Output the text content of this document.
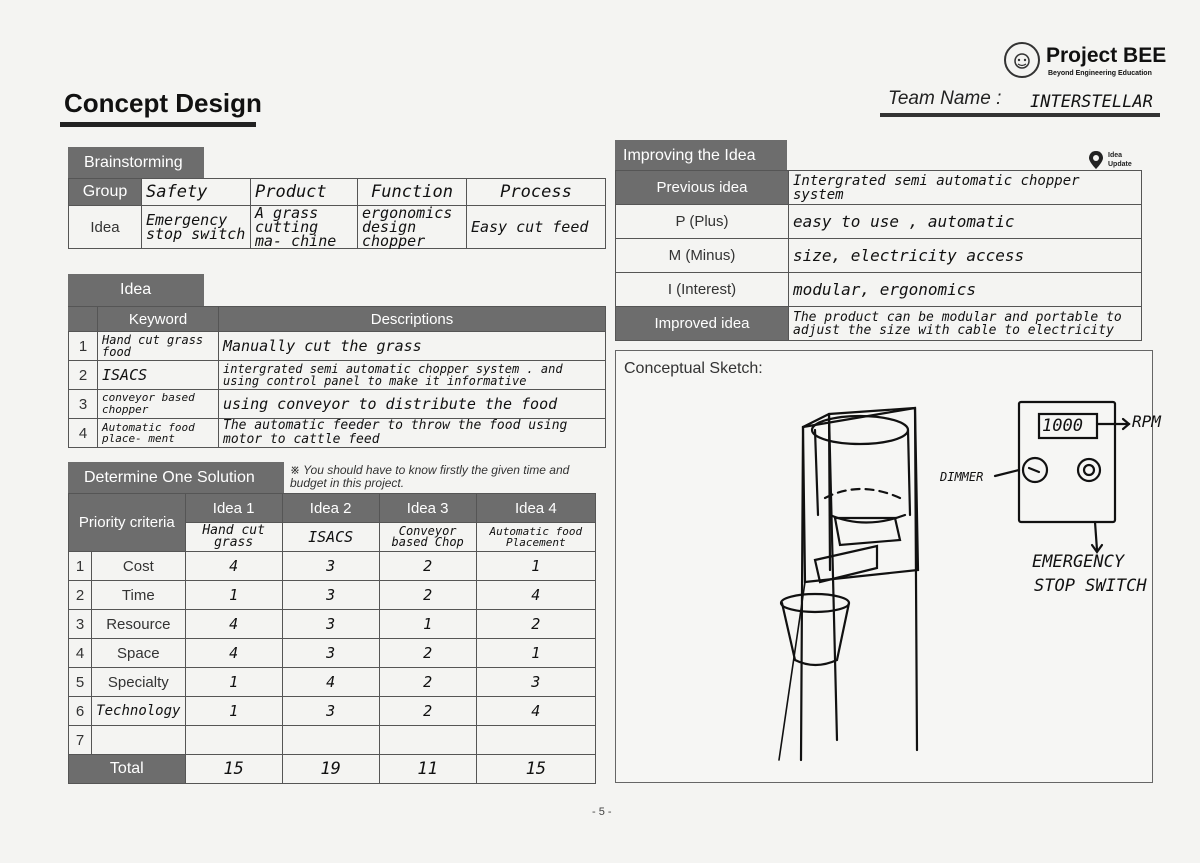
Concept Design
Project BEE
Beyond Engineering Education
Team Name : INTERSTELLAR
Brainstorming
Group	Safety	Product	Function	Process
Idea	Emergency stop switch	A grass cutting ma- chine	ergonomics design chopper	Easy cut feed
Idea
	Keyword	Descriptions
1	Hand cut grass food	Manually cut the grass
2	ISACS	intergrated semi automatic chopper system . and using control panel to make it informative
3	conveyor based chopper	using conveyor to distribute the food
4	Automatic food place- ment	The automatic feeder to throw the food using motor to cattle feed
Determine One Solution	※ You should have to know firstly the given time and budget in this project.
Priority criteria		Idea 1	Idea 2	Idea 3	Idea 4
		Hand cut grass	ISACS	Conveyor based Chop	Automatic food Placement
1	Cost	4	3	2	1
2	Time	1	3	2	4
3	Resource	4	3	1	2
4	Space	4	3	2	1
5	Specialty	1	4	2	3
6	Technology	1	3	2	4
7					
Total		15	19	11	15
Improving the Idea	Idea Update
Previous idea	Intergrated semi automatic chopper system
P (Plus)	easy to use , automatic
M (Minus)	size, electricity access
I (Interest)	modular, ergonomics
Improved idea	The product can be modular and portable to adjust the size with cable to electricity
Conceptual Sketch:
1000	RPM
DIMMER
EMERGENCY
STOP SWITCH
- 5 -
